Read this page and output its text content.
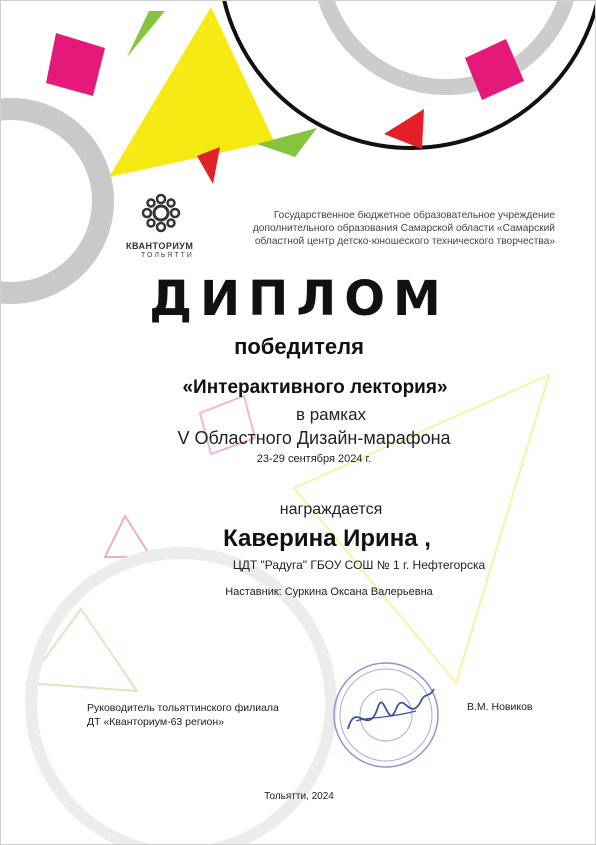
КВАНТОРИУМ
ТОЛЬЯТТИ
Государственное бюджетное образовательное учреждение
дополнительного образования Самарской области «Самарский
областной центр детско-юношеского технического творчества»
ДИПЛОМ
победителя
«Интерактивного лектория»
в рамках
V Областного Дизайн-марафона
23-29 сентября 2024 г.
награждается
Каверина Ирина ,
ЦДТ "Радуга" ГБОУ СОШ № 1 г. Нефтегорска
Наставник: Суркина Оксана Валерьевна
Руководитель тольяттинского филиала
ДТ «Кванториум-63 регион»
В.М. Новиков
Тольятти, 2024
